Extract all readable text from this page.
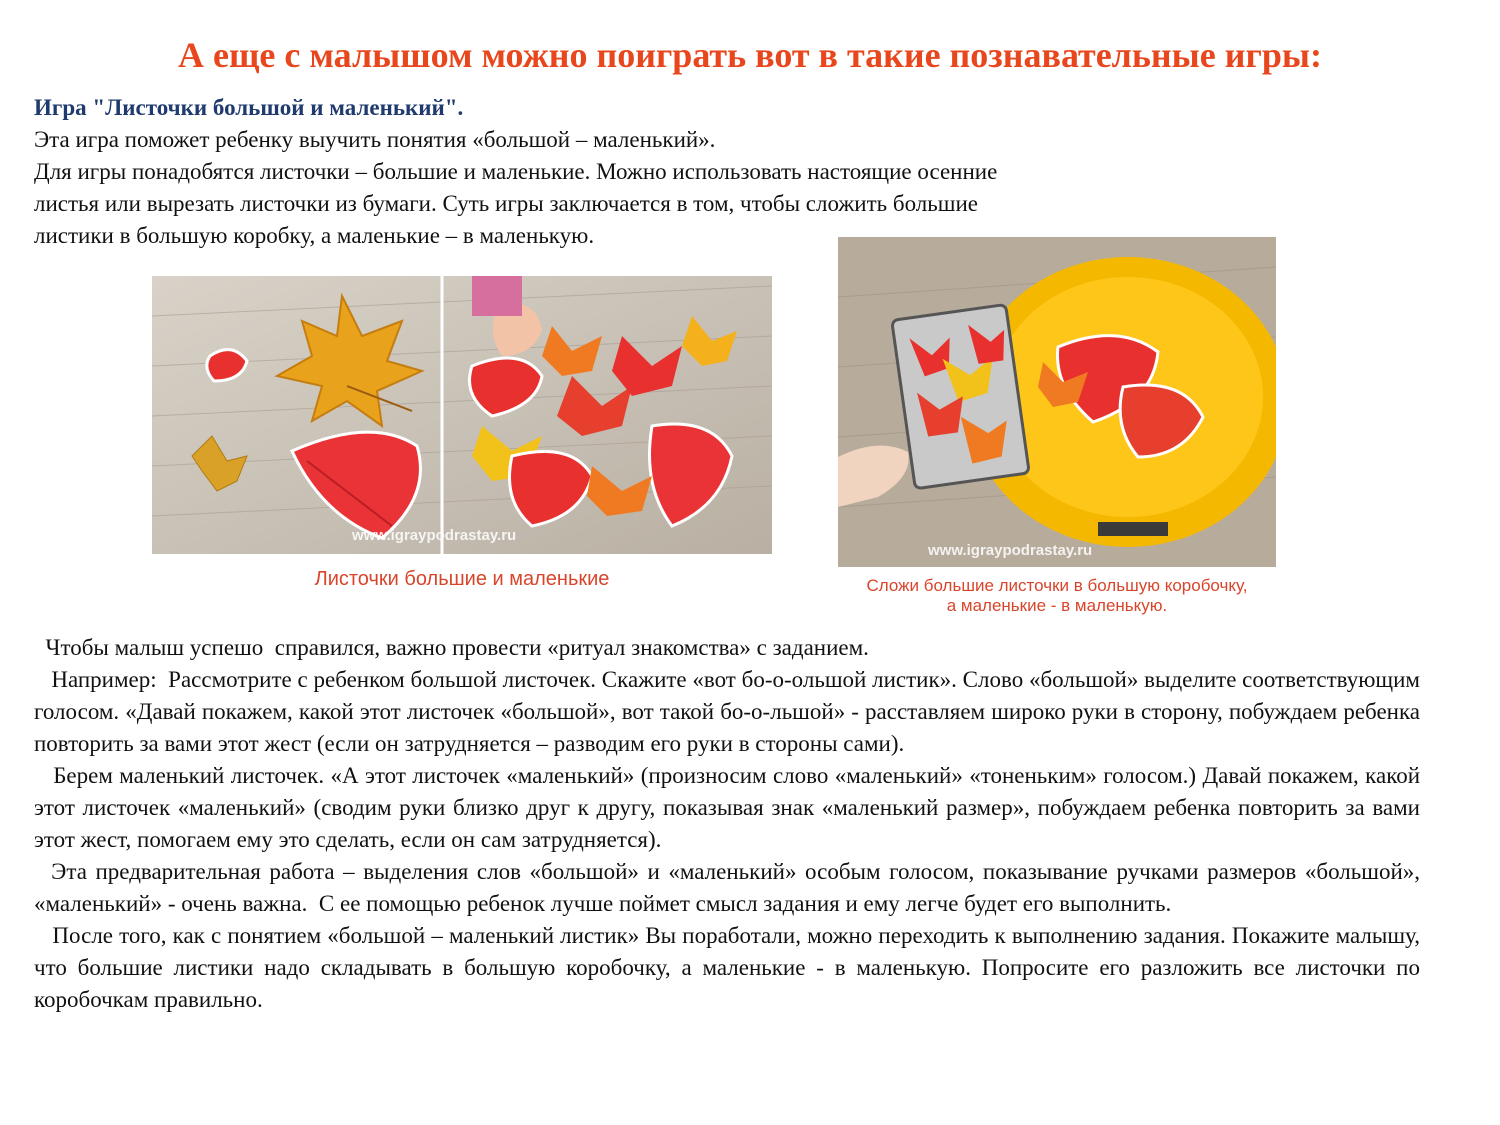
А еще с малышом можно поиграть вот в такие познавательные игры:
Игра "Листочки большой и маленький".
Эта игра поможет ребенку выучить понятия «большой – маленький».
Для игры понадобятся листочки – большие и маленькие. Можно использовать настоящие осенние листья или вырезать листочки из бумаги. Суть игры заключается в том, чтобы сложить большие листики в большую коробку, а маленькие – в маленькую.
www.igraypodrastay.ru
Листочки большие и маленькие
www.igraypodrastay.ru
Сложи большие листочки в большую коробочку,
а маленькие - в маленькую.

Чтобы малыш успешо  справился, важно провести «ритуал знакомства» с заданием.

Например:  Рассмотрите с ребенком большой листочек. Скажите «вот бо-о-ольшой листик». Слово «большой» выделите соответствующим голосом. «Давай покажем, какой этот листочек «большой», вот такой бо-о-льшой» - расставляем широко руки в сторону, побуждаем ребенка повторить за вами этот жест (если он затрудняется – разводим его руки в стороны сами).

Берем маленький листочек. «А этот листочек «маленький» (произносим слово «маленький» «тоненьким» голосом.) Давай покажем, какой этот листочек «маленький» (сводим руки близко друг к другу, показывая знак «маленький размер», побуждаем ребенка повторить за вами этот жест, помогаем ему это сделать, если он сам затрудняется).

Эта предварительная работа – выделения слов «большой» и «маленький» особым голосом, показывание ручками размеров «большой», «маленький» - очень важна.  С ее помощью ребенок лучше поймет смысл задания и ему легче будет его выполнить.

После того, как с понятием «большой – маленький листик» Вы поработали, можно переходить к выполнению задания. Покажите малышу, что большие листики надо складывать в большую коробочку, а маленькие - в маленькую. Попросите его разложить все листочки по коробочкам правильно.
